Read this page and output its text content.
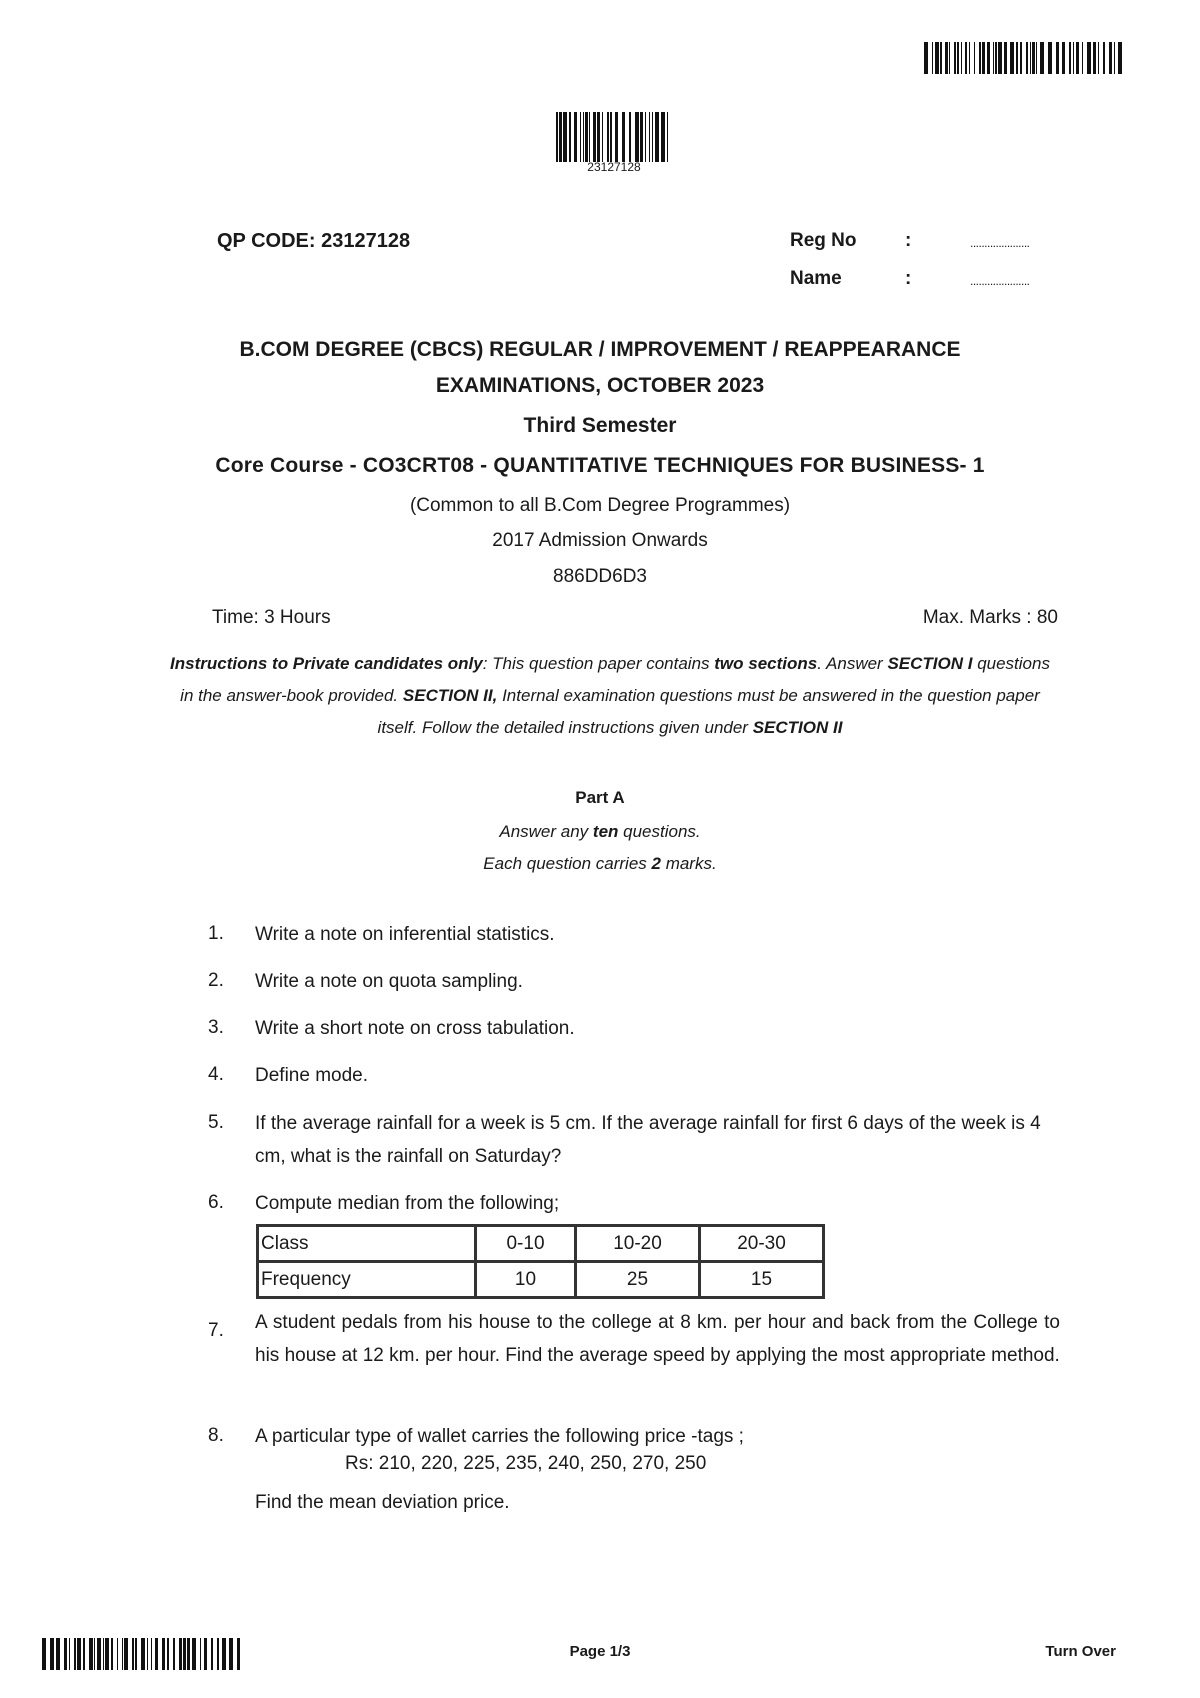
23127128
QP CODE: 23127128	Reg No	:	.....................
Name	:	.....................
B.COM DEGREE (CBCS) REGULAR / IMPROVEMENT / REAPPEARANCE
EXAMINATIONS, OCTOBER 2023
Third Semester
Core Course - CO3CRT08 - QUANTITATIVE TECHNIQUES FOR BUSINESS- 1
(Common to all B.Com Degree Programmes)
2017 Admission Onwards
886DD6D3
Time: 3 Hours	Max. Marks : 80
Instructions to Private candidates only: This question paper contains two sections. Answer SECTION I questions in the answer-book provided. SECTION II, Internal examination questions must be answered in the question paper itself. Follow the detailed instructions given under SECTION II
Part A
Answer any ten questions.
Each question carries 2 marks.
1. Write a note on inferential statistics.
2. Write a note on quota sampling.
3. Write a short note on cross tabulation.
4. Define mode.
5. If the average rainfall for a week is 5 cm. If the average rainfall for first 6 days of the week is 4 cm, what is the rainfall on Saturday?
6. Compute median from the following;
Class	0-10	10-20	20-30
Frequency	10	25	15
7. A student pedals from his house to the college at 8 km. per hour and back from the College to his house at 12 km. per hour. Find the average speed by applying the most appropriate method.
8. A particular type of wallet carries the following price -tags ;
Rs: 210, 220, 225, 235, 240, 250, 270, 250
Find the mean deviation price.
Page 1/3	Turn Over
